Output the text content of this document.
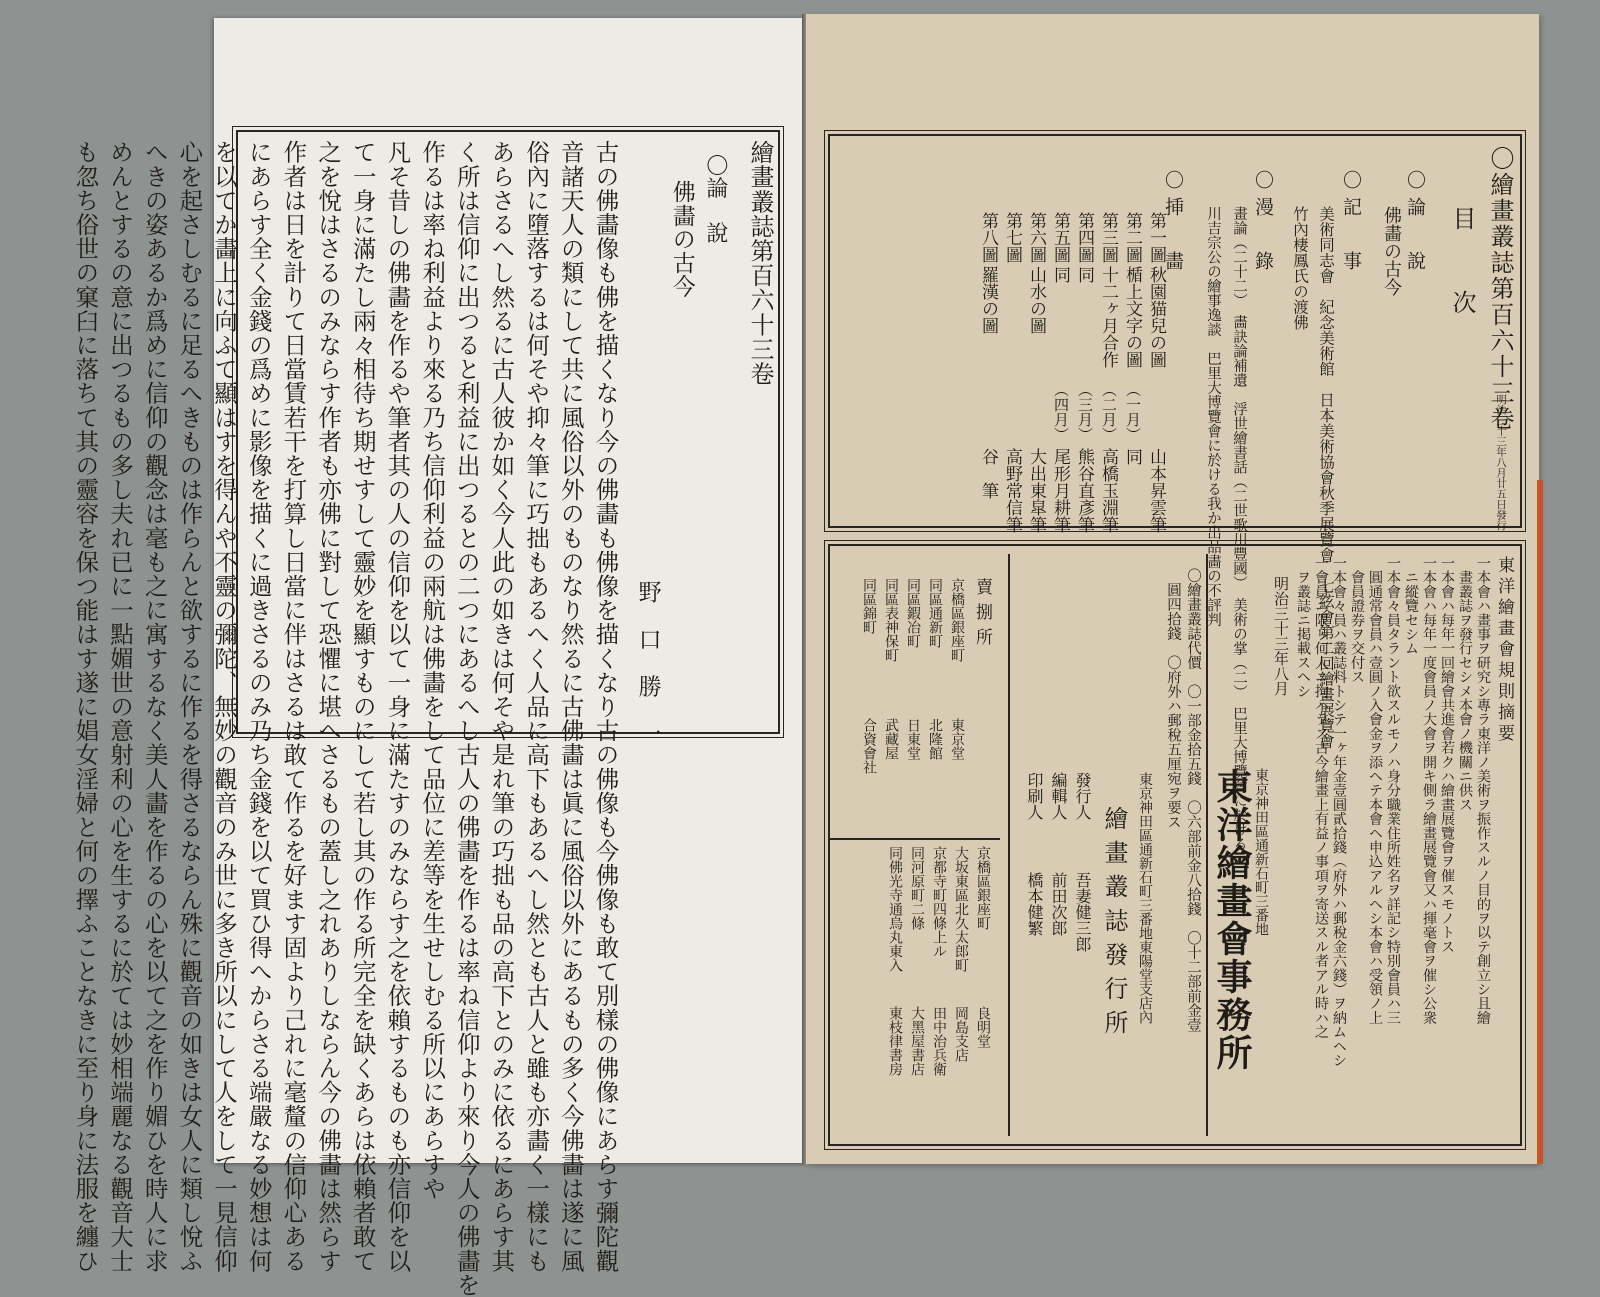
繪畫叢誌第百六十三卷
〇論　說
佛畵の古今
野　口　勝　一
古の佛畵像も佛を描くなり今の佛畵も佛像を描くなり古の佛像も今佛像も敢て別樣の佛像にあらす彌陀觀
音諸天人の類にして共に風俗以外のものなり然るに古佛畵は眞に風俗以外にあるもの多く今佛畵は遂に風
俗內に墮落するは何そや抑々筆に巧拙もあるへく人品に高下もあるへし然とも古人と雖も亦畵く一樣にも
あらさるへし然るに古人彼か如く今人此の如きは何そや是れ筆の巧拙も品の高下とのみに依るにあらす其
く所は信仰に出つると利益に出つるとの二つにあるへし古人の佛畵を作るは率ね信仰より來り今人の佛畵を
作るは率ね利益より來る乃ち信仰利益の兩航は佛畵をして品位に差等を生せしむる所以にあらすや
凡そ昔しの佛畵を作るや筆者其の人の信仰を以て一身に滿たすのみならす之を依賴するものも亦信仰を以
て一身に滿たし兩々相待ち期せすして靈妙を顯すものにして若し其の作る所完全を缺くあらは依賴者敢て
之を悅はさるのみならす作者も亦佛に對して恐懼に堪へさるもの蓋し之れありしならん今の佛畵は然らす
作者は日を計りて日當賃若干を打算し日當に伴はさるは敢て作るを好ます固より己れに毫釐の信仰心ある
にあらす全く金錢の爲めに影像を描くに過きさるのみ乃ち金錢を以て買ひ得へからさる端嚴なる妙想は何
を以てか畵上に向ふて顯はすを得んや不靈の彌陀、無妙の觀音のみ世に多き所以にして人をして一見信仰
心を起さしむるに足るへきものは作らんと欲するに作るを得さるならん殊に觀音の如きは女人に類し悅ふ
へきの姿あるか爲めに信仰の觀念は毫も之に寓するなく美人畵を作るの心を以て之を作り媚ひを時人に求
めんとするの意に出つるもの多し夫れ已に一點媚世の意射利の心を生するに於ては妙相端麗なる觀音大士
も忽ち俗世の窠臼に落ちて其の靈容を保つ能はす遂に娼女淫婦と何の擇ふことなきに至り身に法服を纏ひ	〇繪畫叢誌第百六十三卷
明治三十三年八月廿五日發行
目　次
〇論　說
佛畵の古今
〇記　事
美術同志會　紀念美術館　日本美術協會秋季展覽會　七絃會第二回繪畫展覽會
竹內棲鳳氏の渡佛
〇漫　錄
畫論（二十二）　畵訣論補遺　浮世繪書話（二世歌川豐國）　美術の掌（二）　巴里大博覽會に於ける
川吉宗公の繪事逸談　巴里大博覽會に於ける我か出品畵の不評判
〇挿　畵
第一圖
秋園猫兒の圖
山本昇雲筆
第二圖
楯上文字の圖
（一月）
同
第三圖
十二ヶ月合作
（二月）
高橋玉淵筆
第四圖
同
（三月）
熊谷直彥筆
第五圖
同
（四月）
尾形月耕筆
第六圖
山水の圖
大出東皐筆
第七圖
高野常信筆
第八圖
羅漢の圖
谷　筆
東洋繪畫會規則摘要
一本會ハ畫事ヲ研究シ專ラ東洋ノ美術ヲ振作スルノ目的ヲ以テ創立シ且繪
　畫叢誌ヲ發行セシメ本會ノ機關ニ供ス
一本會ハ每年一回繪會共進會若クハ繪畫展覽會ヲ催スモノトス
一本會ハ每年一度會員ノ大會ヲ開キ側ラ繪畫展覽會又ハ揮毫會ヲ催シ公衆
　ニ縱覽セシム
一本會々員タラント欲スルモノハ身分職業住所姓名ヲ詳記シ特別會員ハ三
　圓通常會員ハ壹圓ノ入會金ヲ添ヘテ本會ヘ申込アルヘシ本會ハ受領ノ上
　會員證券ヲ交付ス
一本會々員ハ叢誌料トシテ一ヶ年金壹圓貳拾錢（府外ハ郵稅金六錢）ヲ納ムヘシ
一會員ニ限リ何人ニ拘ハラス古今繪畫上有益ノ事項ヲ寄送スル者アル時ハ之
　ヲ叢誌ニ掲載スヘシ
明治三十三年八月
東京神田區通新石町三番地
東洋繪畫會事務所
〇繪畫叢誌代價　〇一部金拾五錢　〇六部前金八拾錢　〇十二部前金壹
　圓四拾錢　〇府外ハ郵稅五厘宛ヲ要ス
東京神田區通新石町三番地東陽堂支店內
繪畫叢誌發行所
發行人
吾妻健三郎
編輯人
前田次郎
印刷人
橋本健繁
賣捌所
京橋區銀座町
東京堂
同區通新町
北隆館
同區鍜冶町
日東堂
同區表神保町
武藏屋
同區錦町
合資會社
京橋區銀座町
良明堂
大坂東區北久太郎町
岡島支店
京都寺町四條上ル
田中治兵衛
同河原町二條
大黑屋書店
同佛光寺通烏丸東入
東枝律書房
